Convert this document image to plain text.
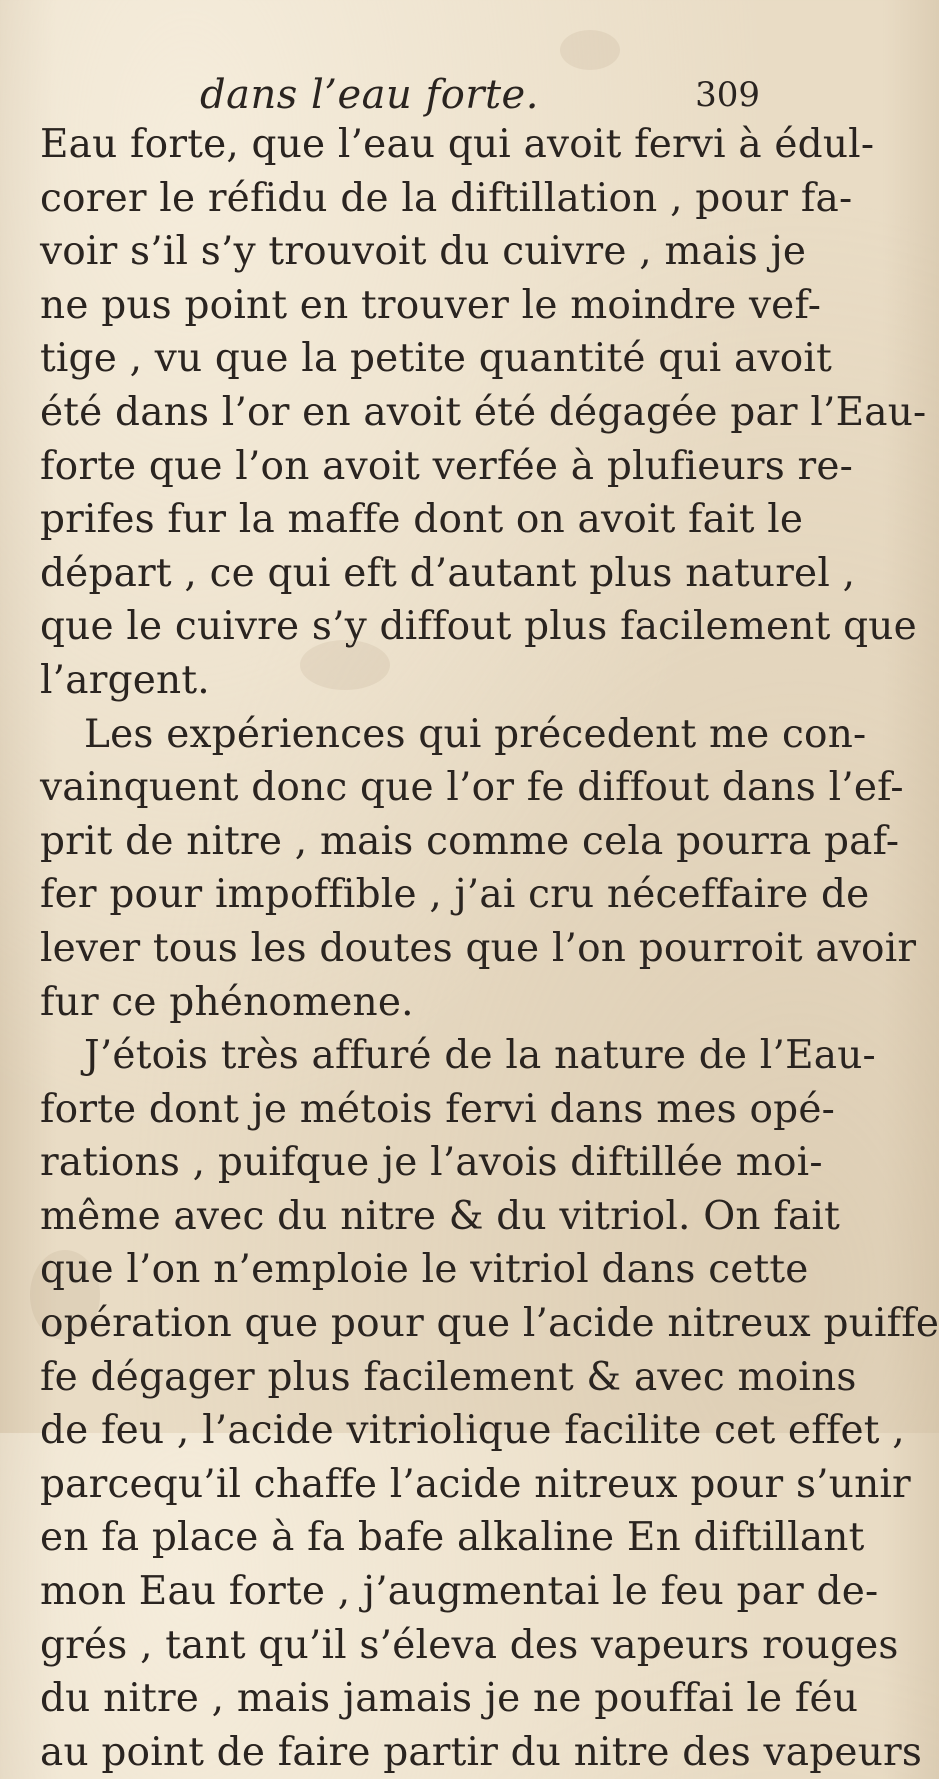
dans l’eau forte.	309
Eau forte, que l’eau qui avoit fervi à édul-
corer le réfidu de la diftillation , pour fa-
voir s’il s’y trouvoit du cuivre , mais je
ne pus point en trouver le moindre vef-
tige , vu que la petite quantité qui avoit
été dans l’or en avoit été dégagée par l’Eau-
forte que l’on avoit verfée à plufieurs re-
prifes fur la maffe dont on avoit fait le
départ , ce qui eft d’autant plus naturel ,
que le cuivre s’y diffout plus facilement que
l’argent.
Les expériences qui précedent me con-
vainquent donc que l’or fe diffout dans l’ef-
prit de nitre , mais comme cela pourra paf-
fer pour impoffible , j’ai cru néceffaire de
lever tous les doutes que l’on pourroit avoir
fur ce phénomene.
J’étois très affuré de la nature de l’Eau-
forte dont je métois fervi dans mes opé-
rations , puifque je l’avois diftillée moi-
même avec du nitre & du vitriol. On fait
que l’on n’emploie le vitriol dans cette
opération que pour que l’acide nitreux puiffe
fe dégager plus facilement & avec moins
de feu , l’acide vitriolique facilite cet effet ,
parcequ’il chaffe l’acide nitreux pour s’unir
en fa place à fa bafe alkaline En diftillant
mon Eau forte , j’augmentai le feu par de-
grés , tant qu’il s’éleva des vapeurs rouges
du nitre , mais jamais je ne pouffai le féu
au point de faire partir du nitre des vapeurs
